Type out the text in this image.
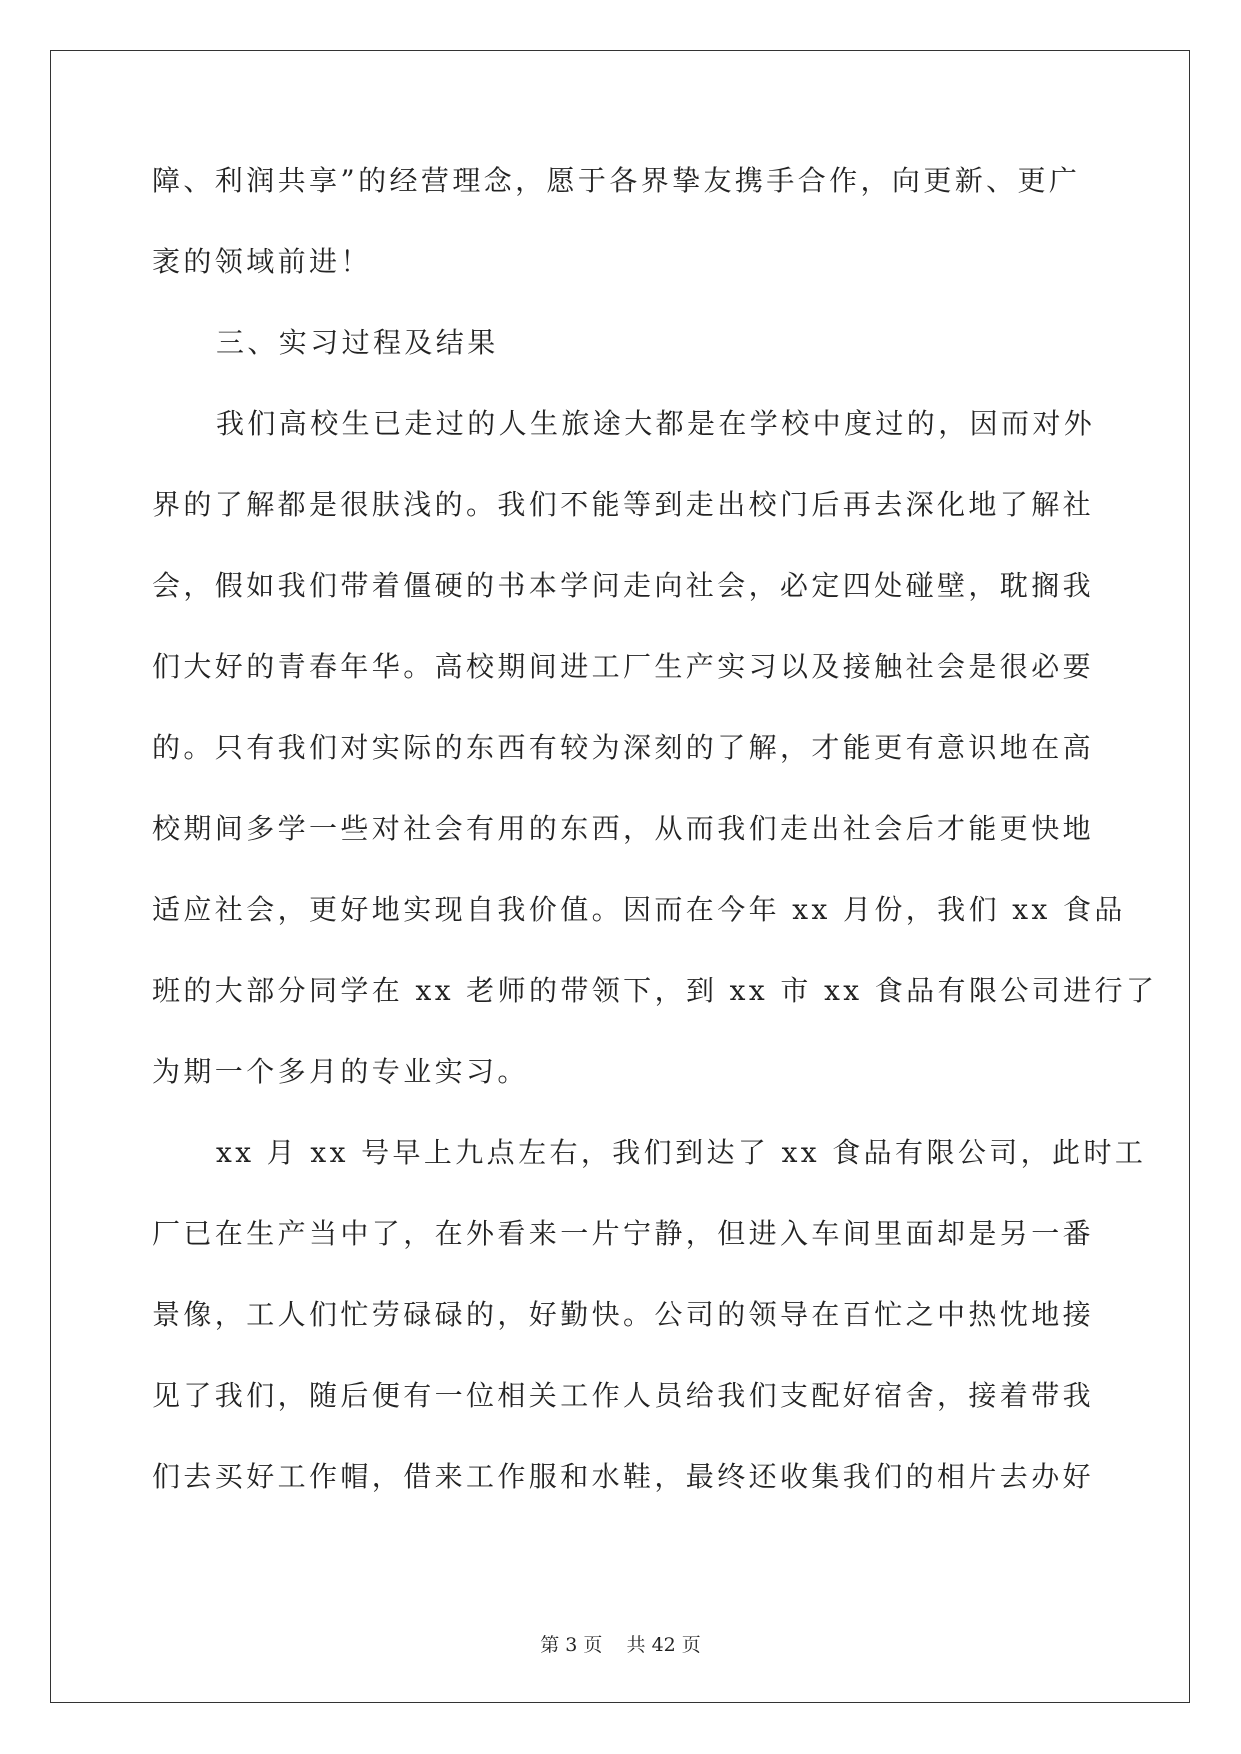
障、利润共享”的经营理念，愿于各界挚友携手合作，向更新、更广
袤的领域前进！
三、实习过程及结果
我们高校生已走过的人生旅途大都是在学校中度过的，因而对外
界的了解都是很肤浅的。我们不能等到走出校门后再去深化地了解社
会，假如我们带着僵硬的书本学问走向社会，必定四处碰壁，耽搁我
们大好的青春年华。高校期间进工厂生产实习以及接触社会是很必要
的。只有我们对实际的东西有较为深刻的了解，才能更有意识地在高
校期间多学一些对社会有用的东西，从而我们走出社会后才能更快地
适应社会，更好地实现自我价值。因而在今年 xx 月份，我们 xx 食品
班的大部分同学在 xx 老师的带领下，到 xx 市 xx 食品有限公司进行了
为期一个多月的专业实习。
xx 月 xx 号早上九点左右，我们到达了 xx 食品有限公司，此时工
厂已在生产当中了，在外看来一片宁静，但进入车间里面却是另一番
景像，工人们忙劳碌碌的，好勤快。公司的领导在百忙之中热忱地接
见了我们，随后便有一位相关工作人员给我们支配好宿舍，接着带我
们去买好工作帽，借来工作服和水鞋，最终还收集我们的相片去办好
第 3 页    共 42 页
